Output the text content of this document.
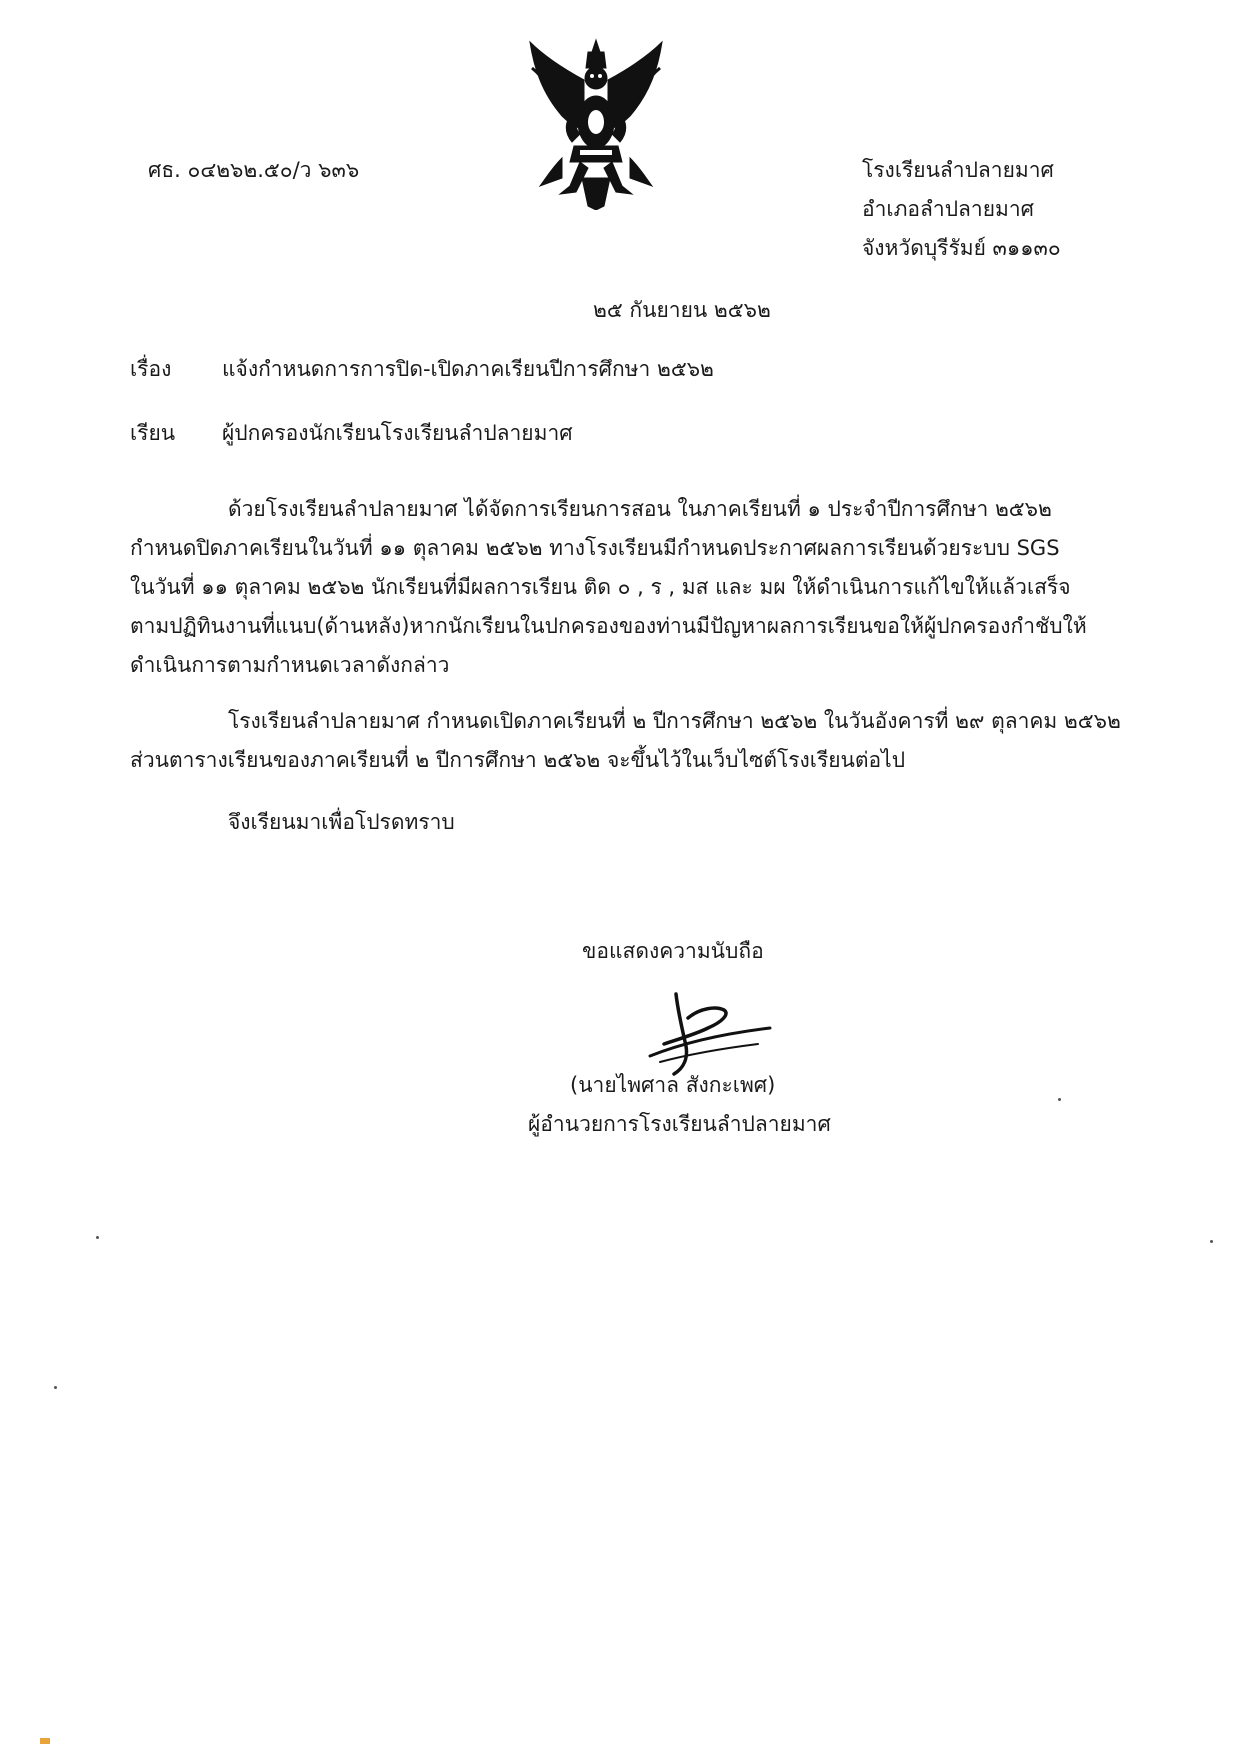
ศธ. ๐๔๒๖๒.๕๐/ว ๖๓๖	โรงเรียนลำปลายมาศ
อำเภอลำปลายมาศ
จังหวัดบุรีรัมย์ ๓๑๑๓๐
๒๕ กันยายน ๒๕๖๒
เรื่อง แจ้งกำหนดการการปิด-เปิดภาคเรียนปีการศึกษา ๒๕๖๒
เรียน ผู้ปกครองนักเรียนโรงเรียนลำปลายมาศ
ด้วยโรงเรียนลำปลายมาศ ได้จัดการเรียนการสอน ในภาคเรียนที่ ๑ ประจำปีการศึกษา ๒๕๖๒
กำหนดปิดภาคเรียนในวันที่ ๑๑ ตุลาคม ๒๕๖๒ ทางโรงเรียนมีกำหนดประกาศผลการเรียนด้วยระบบ SGS
ในวันที่ ๑๑ ตุลาคม ๒๕๖๒ นักเรียนที่มีผลการเรียน ติด ๐ , ร , มส และ มผ ให้ดำเนินการแก้ไขให้แล้วเสร็จ
ตามปฏิทินงานที่แนบ(ด้านหลัง)หากนักเรียนในปกครองของท่านมีปัญหาผลการเรียนขอให้ผู้ปกครองกำชับให้
ดำเนินการตามกำหนดเวลาดังกล่าว
โรงเรียนลำปลายมาศ กำหนดเปิดภาคเรียนที่ ๒ ปีการศึกษา ๒๕๖๒ ในวันอังคารที่ ๒๙ ตุลาคม ๒๕๖๒
ส่วนตารางเรียนของภาคเรียนที่ ๒ ปีการศึกษา ๒๕๖๒ จะขึ้นไว้ในเว็บไซต์โรงเรียนต่อไป
จึงเรียนมาเพื่อโปรดทราบ
ขอแสดงความนับถือ
(นายไพศาล สังกะเพศ)
ผู้อำนวยการโรงเรียนลำปลายมาศ
